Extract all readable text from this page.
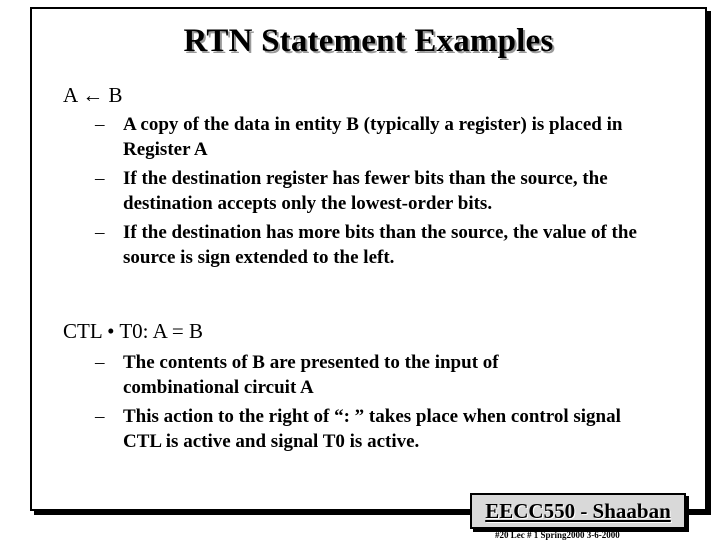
RTN Statement Examples
A ← B
– A copy of the data in entity B (typically a register) is placed in Register A
– If the destination register has fewer bits than the source, the destination accepts only the lowest-order bits.
– If the destination has more bits than the source, the value of the source is sign extended to the left.
CTL • T0: A = B
– The contents of B are presented to the input of combinational circuit A
– This action to the right of “: ” takes place when control signal CTL is active and signal T0 is active.
EECC550 - Shaaban
#20 Lec # 1 Spring2000 3-6-2000
